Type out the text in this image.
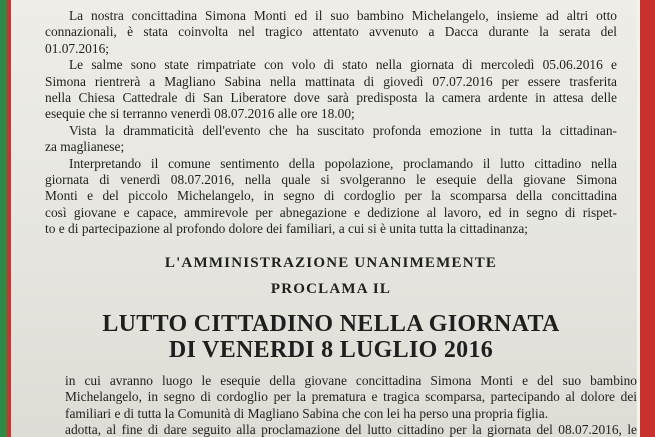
La nostra concittadina Simona Monti ed il suo bambino Michelangelo, insieme ad altri otto
connazionali, è stata coinvolta nel tragico attentato avvenuto a Dacca durante la serata del
01.07.2016;
Le salme sono state rimpatriate con volo di stato nella giornata di mercoledì 05.06.2016 e
Simona rientrerà a Magliano Sabina nella mattinata di giovedì 07.07.2016 per essere trasferita
nella Chiesa Cattedrale di San Liberatore dove sarà predisposta la camera ardente in attesa delle
esequie che si terranno venerdì 08.07.2016 alle ore 18.00;
Vista la drammaticità dell'evento che ha suscitato profonda emozione in tutta la cittadinan-
za maglianese;
Interpretando il comune sentimento della popolazione, proclamando il lutto cittadino nella
giornata di venerdì 08.07.2016, nella quale si svolgeranno le esequie della giovane Simona
Monti e del piccolo Michelangelo, in segno di cordoglio per la scomparsa della concittadina
così giovane e capace, ammirevole per abnegazione e dedizione al lavoro, ed in segno di rispet-
to e di partecipazione al profondo dolore dei familiari, a cui si è unita tutta la cittadinanza;
L'AMMINISTRAZIONE UNANIMEMENTE
PROCLAMA IL
LUTTO CITTADINO NELLA GIORNATA
DI VENERDI 8 LUGLIO 2016
in cui avranno luogo le esequie della giovane concittadina Simona Monti e del suo bambino
Michelangelo, in segno di cordoglio per la prematura e tragica scomparsa, partecipando al dolore dei
familiari e di tutta la Comunità di Magliano Sabina che con lei ha perso una propria figlia.
adotta, al fine di dare seguito alla proclamazione del lutto cittadino per la giornata del 08.07.2016, le
